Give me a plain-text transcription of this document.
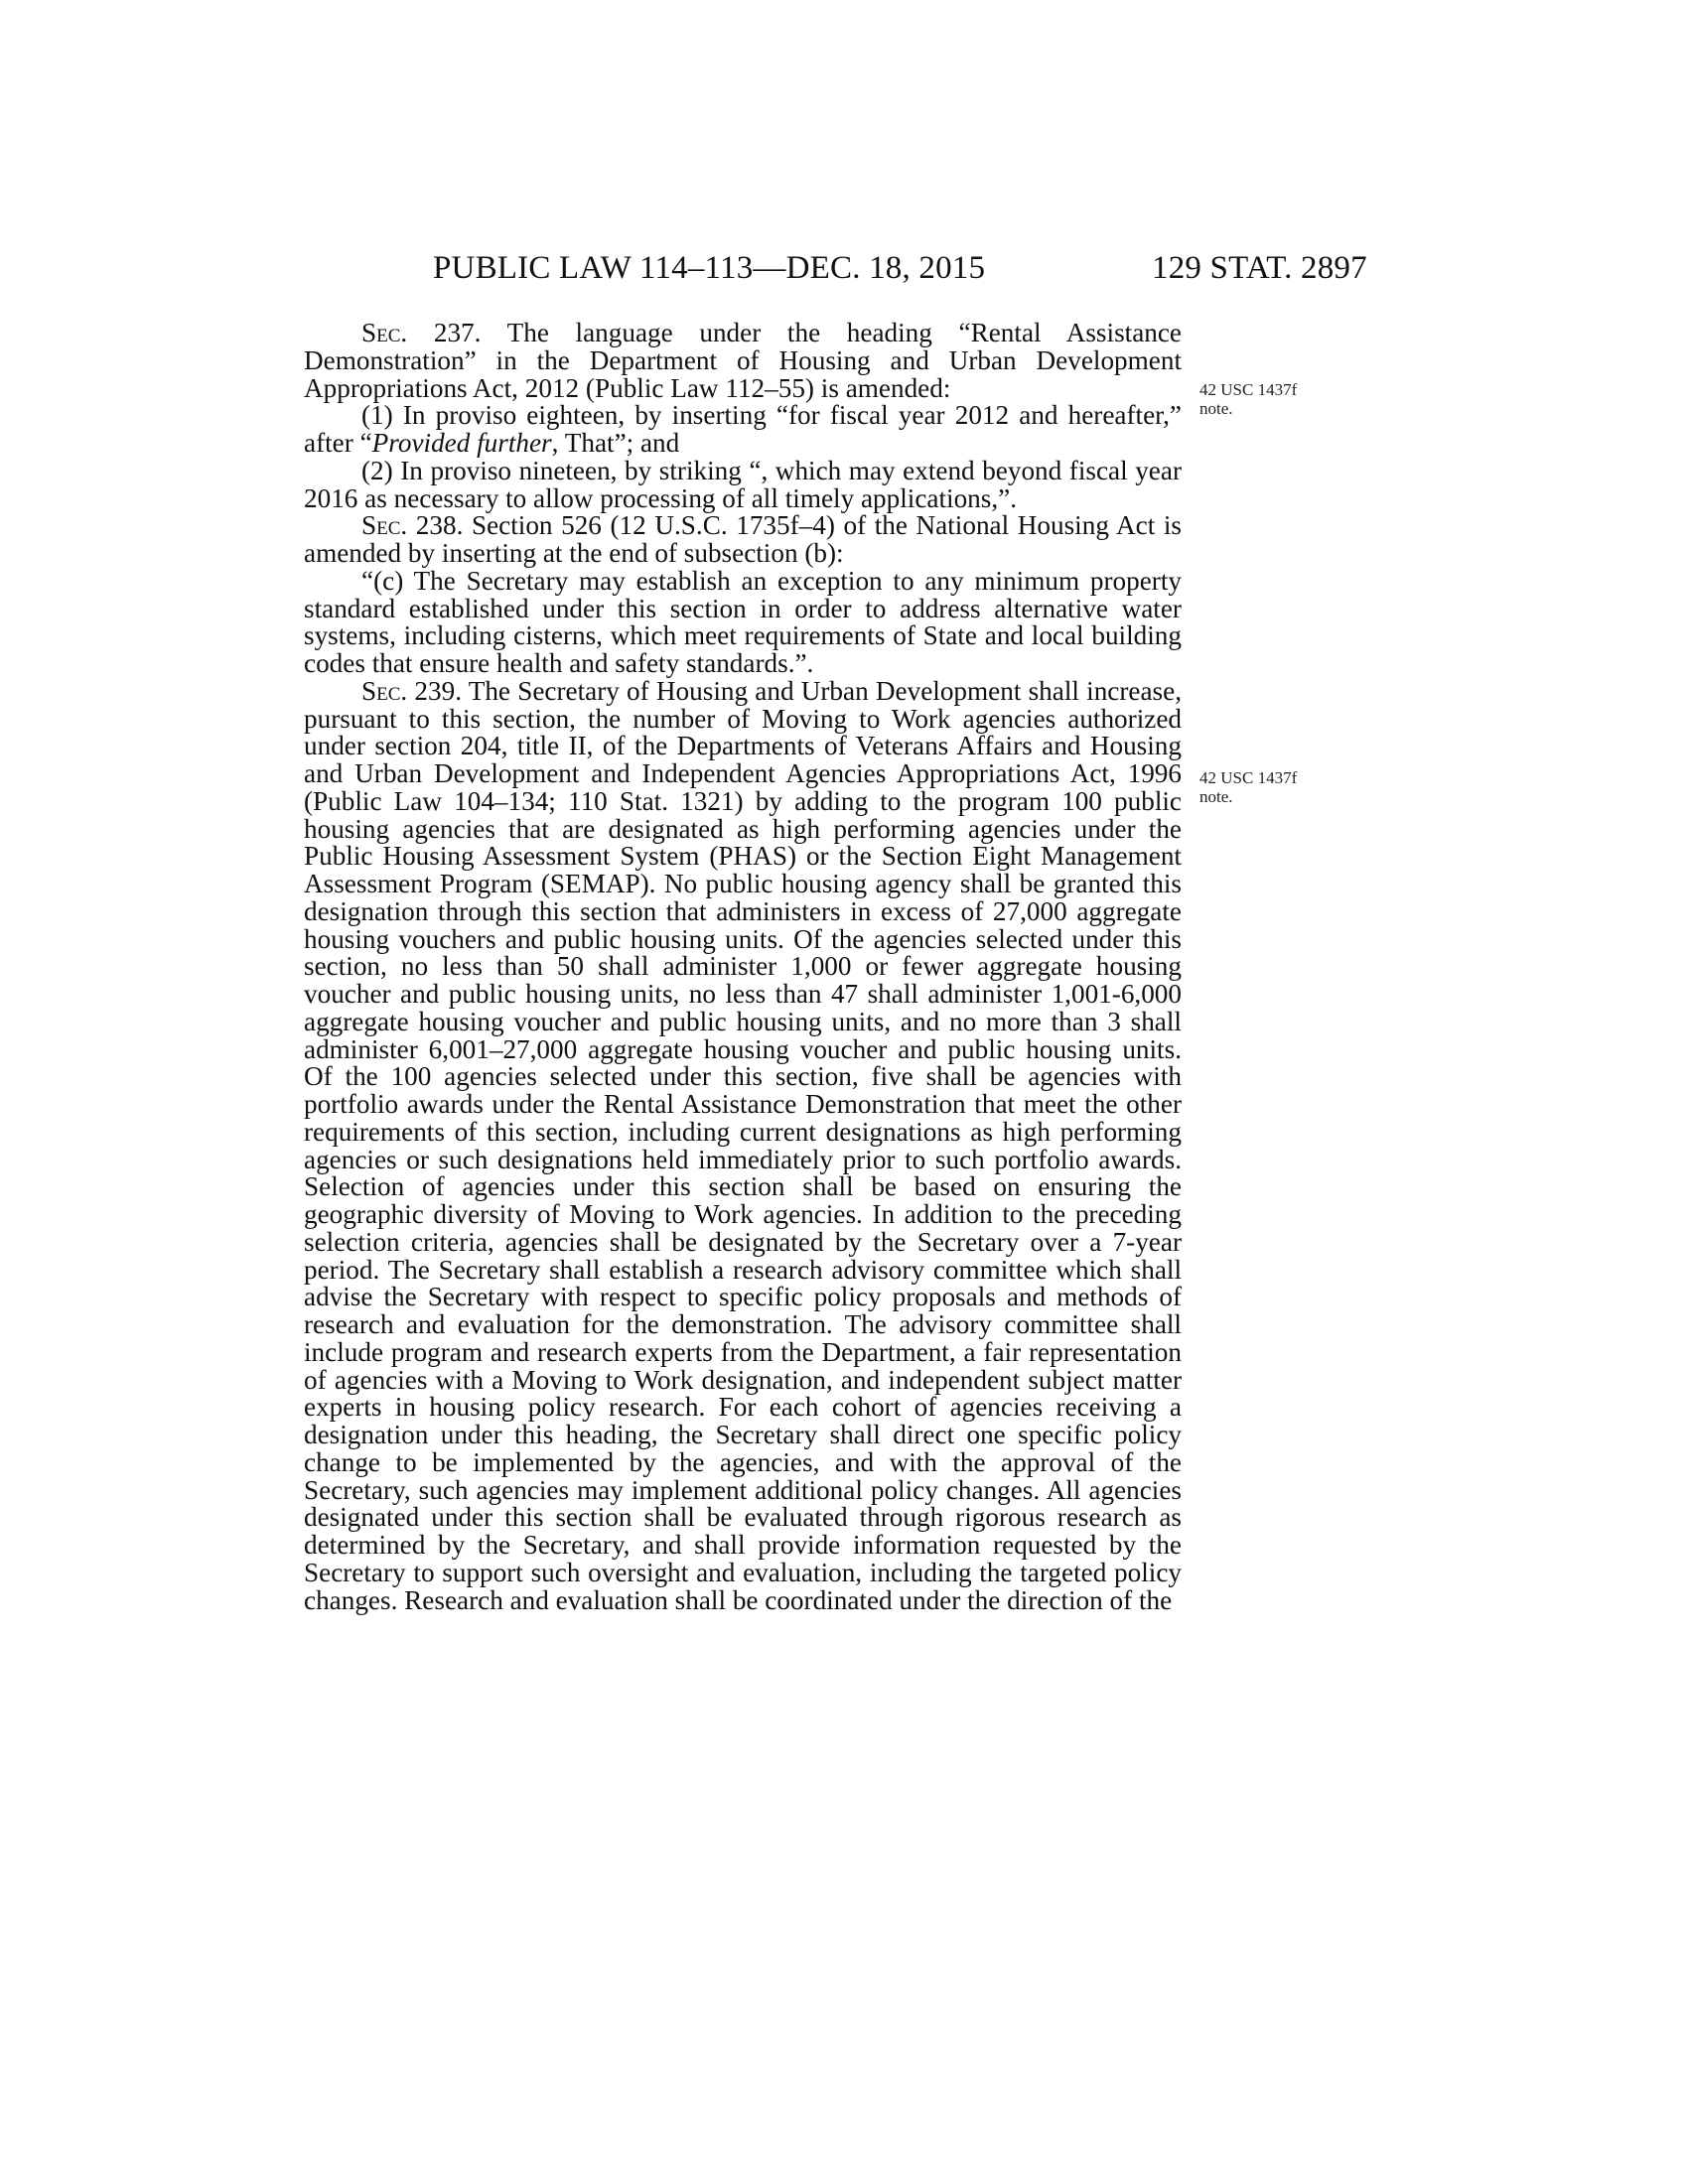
PUBLIC LAW 114–113—DEC. 18, 2015	129 STAT. 2897
42 USC 1437f
note.
42 USC 1437f
note.

Sec. 237. The language under the heading “Rental Assistance Demonstration” in the Department of Housing and Urban Development Appropriations Act, 2012 (Public Law 112–55) is amended:

(1) In proviso eighteen, by inserting “for fiscal year 2012 and hereafter,” after “Provided further, That”; and

(2) In proviso nineteen, by striking “, which may extend beyond fiscal year 2016 as necessary to allow processing of all timely applications,”.

Sec. 238. Section 526 (12 U.S.C. 1735f–4) of the National Housing Act is amended by inserting at the end of subsection (b):

“(c) The Secretary may establish an exception to any minimum property standard established under this section in order to address alternative water systems, including cisterns, which meet requirements of State and local building codes that ensure health and safety standards.”.

Sec. 239. The Secretary of Housing and Urban Development shall increase, pursuant to this section, the number of Moving to Work agencies authorized under section 204, title II, of the Departments of Veterans Affairs and Housing and Urban Development and Independent Agencies Appropriations Act, 1996 (Public Law 104–134; 110 Stat. 1321) by adding to the program 100 public housing agencies that are designated as high performing agencies under the Public Housing Assessment System (PHAS) or the Section Eight Management Assessment Program (SEMAP). No public housing agency shall be granted this designation through this section that administers in excess of 27,000 aggregate housing vouchers and public housing units. Of the agencies selected under this section, no less than 50 shall administer 1,000 or fewer aggregate housing voucher and public housing units, no less than 47 shall administer 1,001-6,000 aggregate housing voucher and public housing units, and no more than 3 shall administer 6,001–27,000 aggregate housing voucher and public housing units. Of the 100 agencies selected under this section, five shall be agencies with portfolio awards under the Rental Assistance Demonstration that meet the other requirements of this section, including current designations as high performing agencies or such designations held immediately prior to such portfolio awards. Selection of agencies under this section shall be based on ensuring the geographic diversity of Moving to Work agencies. In addition to the preceding selection criteria, agencies shall be designated by the Secretary over a 7-year period. The Secretary shall establish a research advisory committee which shall advise the Secretary with respect to specific policy proposals and methods of research and evaluation for the demonstration. The advisory committee shall include program and research experts from the Department, a fair representation of agencies with a Moving to Work designation, and independent subject matter experts in housing policy research. For each cohort of agencies receiving a designation under this heading, the Secretary shall direct one specific policy change to be implemented by the agencies, and with the approval of the Secretary, such agencies may implement additional policy changes. All agencies designated under this section shall be evaluated through rigorous research as determined by the Secretary, and shall provide information requested by the Secretary to support such oversight and evaluation, including the targeted policy changes. Research and evaluation shall be coordinated under the direction of the
